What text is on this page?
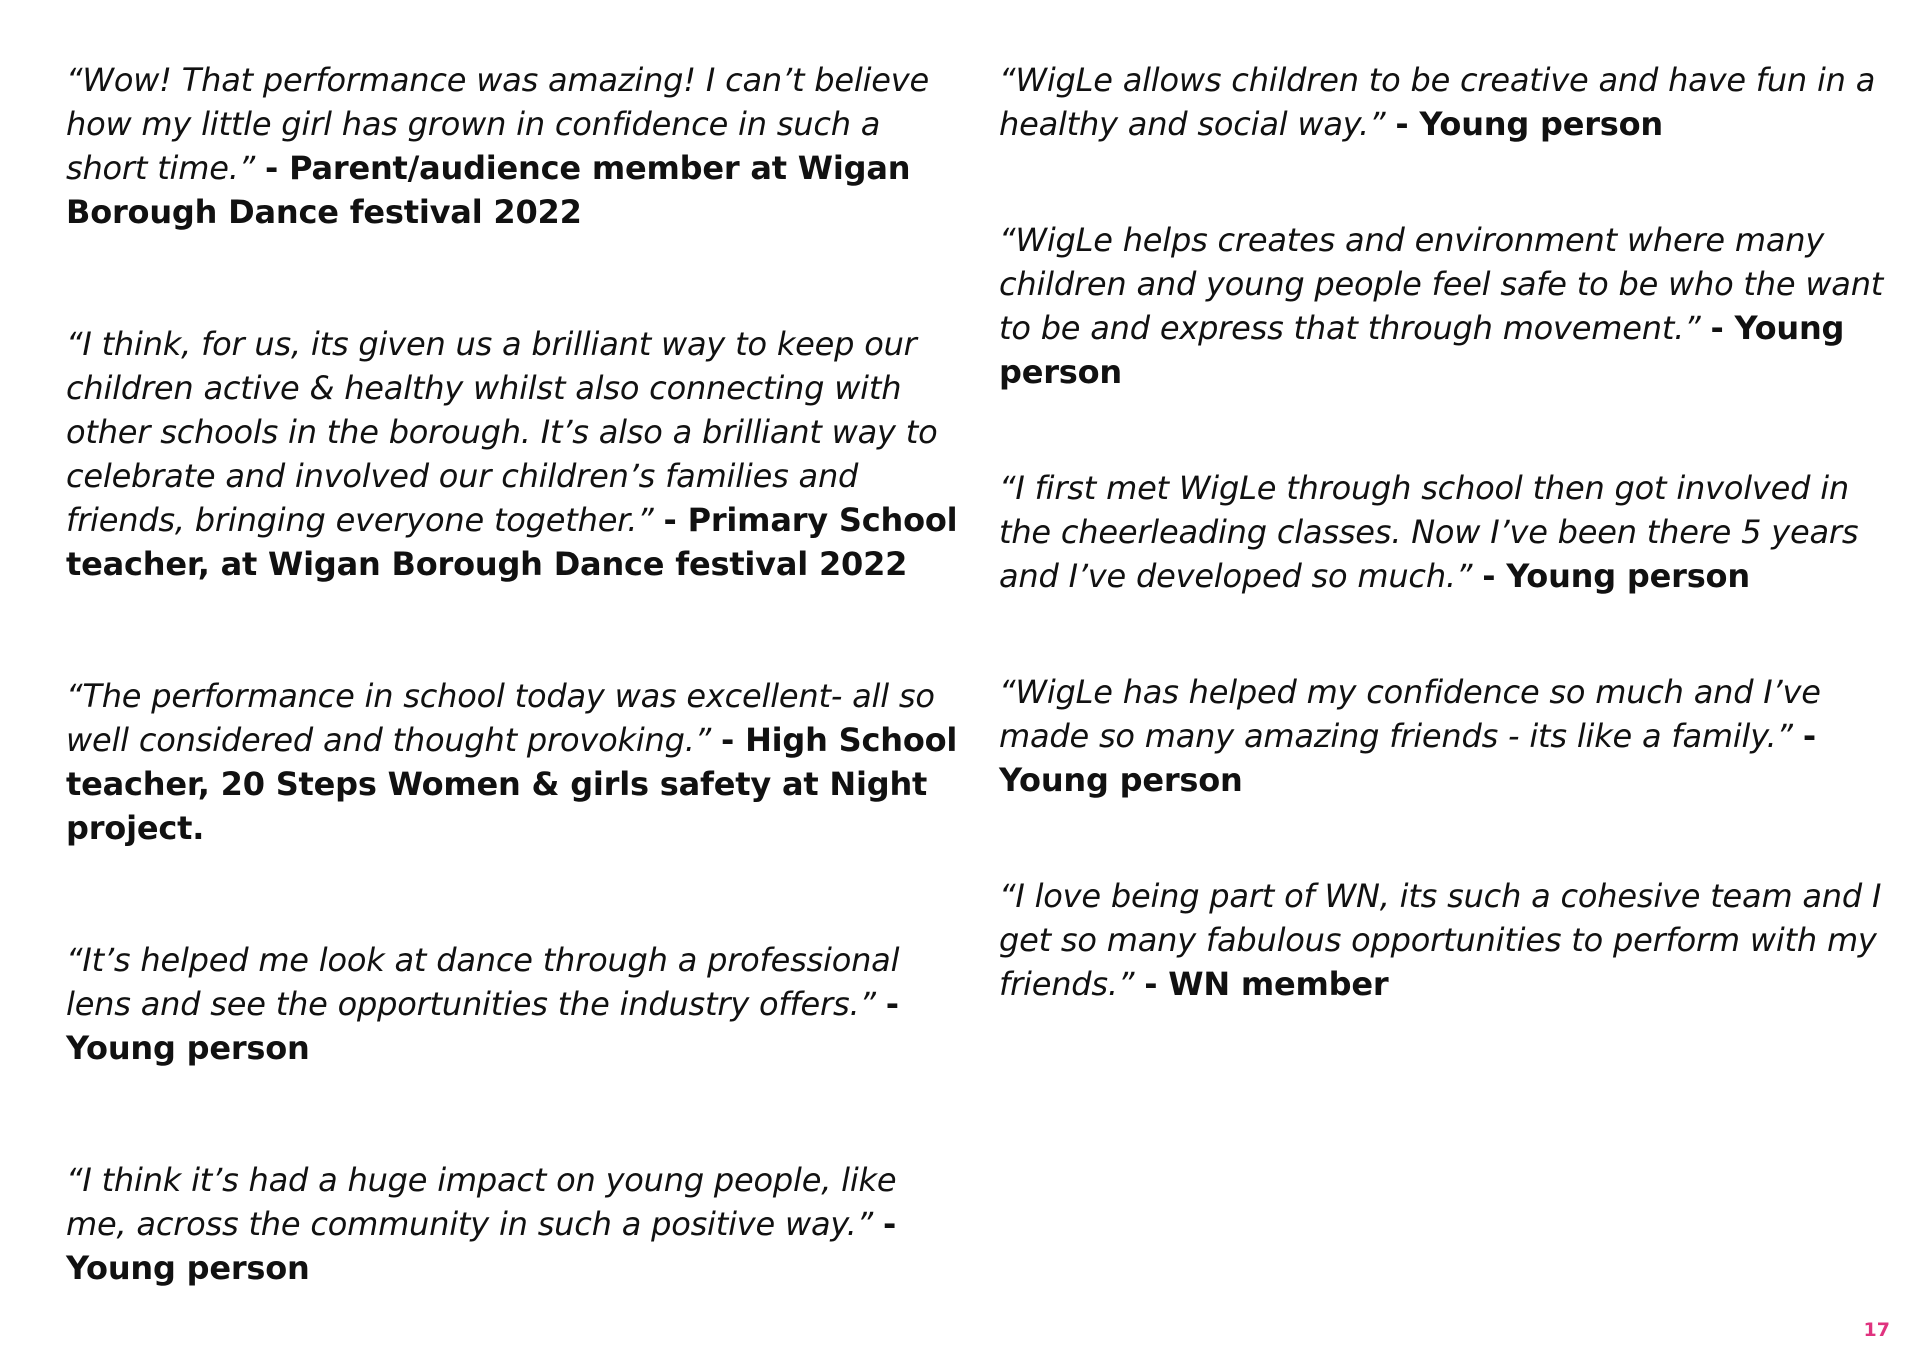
“Wow! That performance was amazing! I can’t believe how my little girl has grown in confidence in such a short time.” - Parent/audience member at Wigan Borough Dance festival 2022

“I think, for us, its given us a brilliant way to keep our children active & healthy whilst also connecting with other schools in the borough. It’s also a brilliant way to celebrate and involved our children’s families and friends, bringing everyone together.” - Primary School teacher, at Wigan Borough Dance festival 2022

“The performance in school today was excellent- all so well considered and thought provoking.” - High School teacher, 20 Steps Women & girls safety at Night project.

“It’s helped me look at dance through a professional lens and see the opportunities the industry offers.” - Young person

“I think it’s had a huge impact on young people, like me, across the community in such a positive way.” - Young person

“WigLe allows children to be creative and have fun in a healthy and social way.” - Young person

“WigLe helps creates and environment where many children and young people feel safe to be who the want to be and express that through movement.” - Young person

“I first met WigLe through school then got involved in the cheerleading classes. Now I’ve been there 5 years and I’ve developed so much.” - Young person

“WigLe has helped my confidence so much and I’ve made so many amazing friends - its like a family.” - Young person

“I love being part of WN, its such a cohesive team and I get so many fabulous opportunities to perform with my friends.” - WN member

17
